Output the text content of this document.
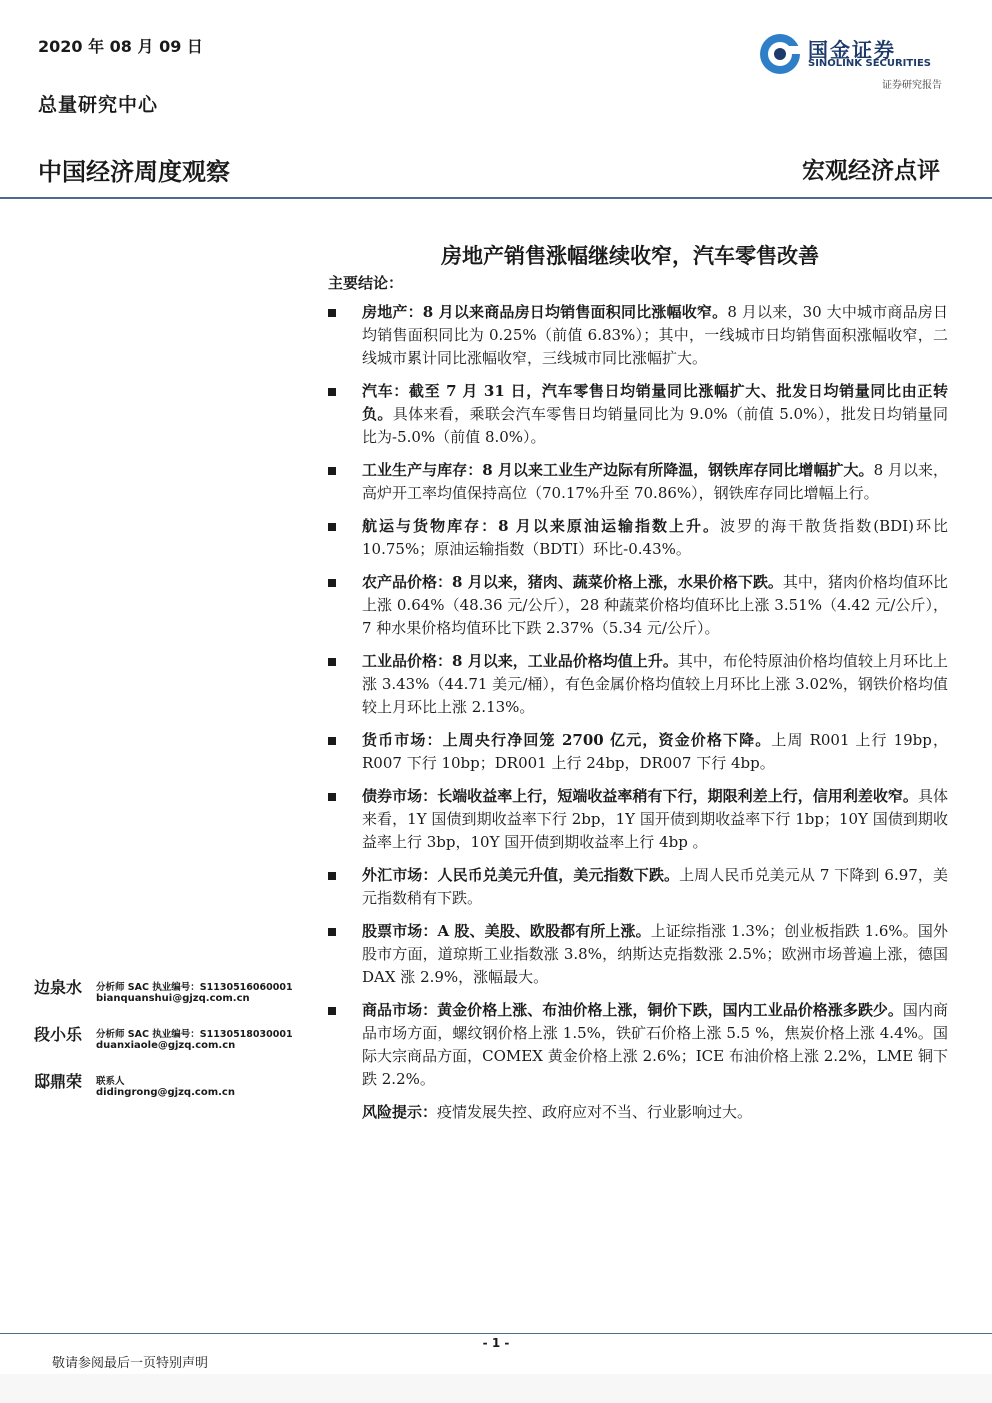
2020 年 08 月 09 日
总量研究中心
中国经济周度观察	宏观经济点评
国金证券
SINOLINK SECURITIES
证券研究报告
房地产销售涨幅继续收窄，汽车零售改善
主要结论：
房地产：8 月以来商品房日均销售面积同比涨幅收窄。8 月以来，30 大中城市商品房日均销售面积同比为 0.25%（前值 6.83%）；其中，一线城市日均销售面积涨幅收窄，二线城市累计同比涨幅收窄，三线城市同比涨幅扩大。
汽车：截至 7 月 31 日，汽车零售日均销量同比涨幅扩大、批发日均销量同比由正转负。具体来看，乘联会汽车零售日均销量同比为 9.0%（前值 5.0%），批发日均销量同比为-5.0%（前值 8.0%）。
工业生产与库存：8 月以来工业生产边际有所降温，钢铁库存同比增幅扩大。8 月以来，高炉开工率均值保持高位（70.17%升至 70.86%），钢铁库存同比增幅上行。
航运与货物库存：8 月以来原油运输指数上升。波罗的海干散货指数(BDI)环比 10.75%；原油运输指数（BDTI）环比-0.43%。
农产品价格：8 月以来，猪肉、蔬菜价格上涨，水果价格下跌。其中，猪肉价格均值环比上涨 0.64%（48.36 元/公斤），28 种蔬菜价格均值环比上涨 3.51%（4.42 元/公斤），7 种水果价格均值环比下跌 2.37%（5.34 元/公斤）。
工业品价格：8 月以来，工业品价格均值上升。其中，布伦特原油价格均值较上月环比上涨 3.43%（44.71 美元/桶），有色金属价格均值较上月环比上涨 3.02%，钢铁价格均值较上月环比上涨 2.13%。
货币市场：上周央行净回笼 2700 亿元，资金价格下降。上周 R001 上行 19bp，R007 下行 10bp；DR001 上行 24bp，DR007 下行 4bp。
债券市场：长端收益率上行，短端收益率稍有下行，期限利差上行，信用利差收窄。具体来看，1Y 国债到期收益率下行 2bp，1Y 国开债到期收益率下行 1bp；10Y 国债到期收益率上行 3bp，10Y 国开债到期收益率上行 4bp 。
外汇市场：人民币兑美元升值，美元指数下跌。上周人民币兑美元从 7 下降到 6.97，美元指数稍有下跌。
股票市场：A 股、美股、欧股都有所上涨。上证综指涨 1.3%；创业板指跌 1.6%。国外股市方面，道琼斯工业指数涨 3.8%，纳斯达克指数涨 2.5%；欧洲市场普遍上涨，德国 DAX 涨 2.9%，涨幅最大。
商品市场：黄金价格上涨、布油价格上涨，铜价下跌，国内工业品价格涨多跌少。国内商品市场方面，螺纹钢价格上涨 1.5%，铁矿石价格上涨 5.5 %，焦炭价格上涨 4.4%。国际大宗商品方面，COMEX 黄金价格上涨 2.6%；ICE 布油价格上涨 2.2%，LME 铜下跌 2.2%。
风险提示：疫情发展失控、政府应对不当、行业影响过大。
边泉水 分析师 SAC 执业编号：S1130516060001
bianquanshui@gjzq.com.cn
段小乐 分析师 SAC 执业编号：S1130518030001
duanxiaole@gjzq.com.cn
邸鼎荣 联系人
didingrong@gjzq.com.cn
- 1 -
敬请参阅最后一页特别声明
